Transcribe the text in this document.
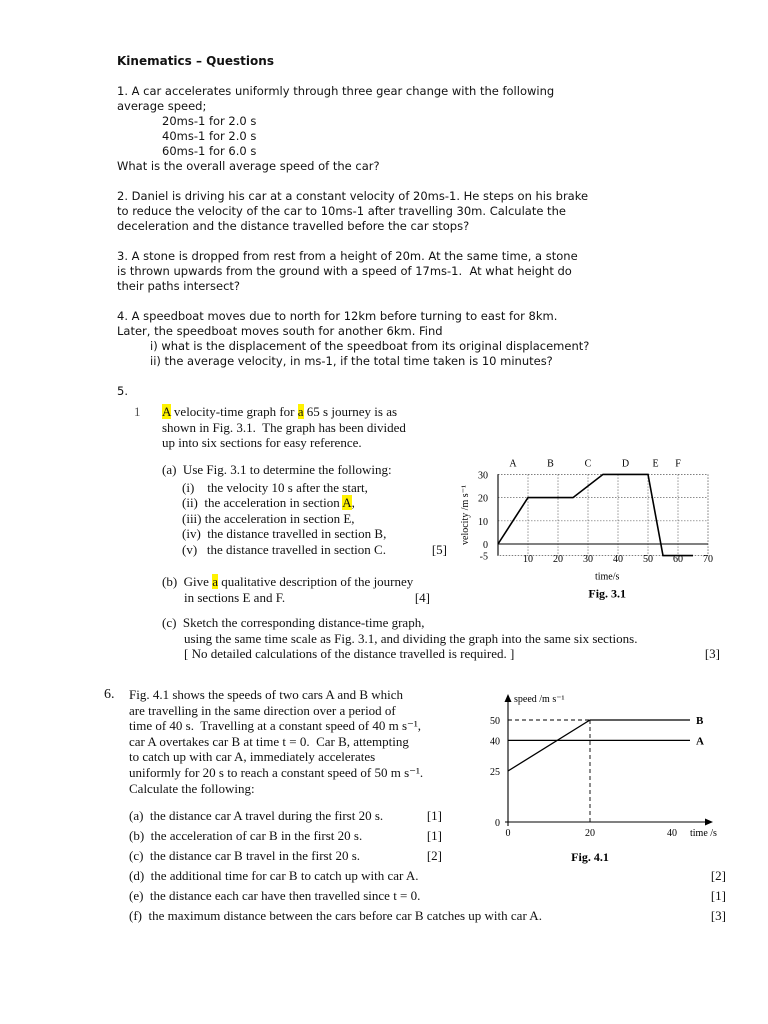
Kinematics – Questions
1. A car accelerates uniformly through three gear change with the following
average speed;
20ms-1 for 2.0 s
40ms-1 for 2.0 s
60ms-1 for 6.0 s
What is the overall average speed of the car?
2. Daniel is driving his car at a constant velocity of 20ms-1. He steps on his brake
to reduce the velocity of the car to 10ms-1 after travelling 30m. Calculate the
deceleration and the distance travelled before the car stops?
3. A stone is dropped from rest from a height of 20m. At the same time, a stone
is thrown upwards from the ground with a speed of 17ms-1.  At what height do
their paths intersect?
4. A speedboat moves due to north for 12km before turning to east for 8km.
Later, the speedboat moves south for another 6km. Find
i) what is the displacement of the speedboat from its original displacement?
ii) the average velocity, in ms-1, if the total time taken is 10 minutes?
5.
1 A velocity-time graph for a 65 s journey is as
shown in Fig. 3.1.  The graph has been divided
up into six sections for easy reference.
(a)  Use Fig. 3.1 to determine the following:
(i)    the velocity 10 s after the start,
(ii)  the acceleration in section A,
(iii) the acceleration in section E,
(iv)  the distance travelled in section B,
(v)   the distance travelled in section C.	[5]
(b)  Give a qualitative description of the journey
in sections E and F.	[4]
(c)  Sketch the corresponding distance-time graph,
using the same time scale as Fig. 3.1, and dividing the graph into the same six sections.
[ No detailed calculations of the distance travelled is required. ]	[3]
10 20 30 40 50 60 70
-5
0
10
20
30
A	B	C	D E F
velocity /m s⁻¹
time/s
Fig. 3.1
6. Fig. 4.1 shows the speeds of two cars A and B which
are travelling in the same direction over a period of
time of 40 s.  Travelling at a constant speed of 40 m s⁻¹,
car A overtakes car B at time t = 0.  Car B, attempting
to catch up with car A, immediately accelerates
uniformly for 20 s to reach a constant speed of 50 m s⁻¹.
Calculate the following:
(a)  the distance car A travel during the first 20 s.	[1]
(b)  the acceleration of car B in the first 20 s.	[1]
(c)  the distance car B travel in the first 20 s.	[2]
(d)  the additional time for car B to catch up with car A.	[2]
(e)  the distance each car have then travelled since t = 0.	[1]
(f)  the maximum distance between the cars before car B catches up with car A.	[3]
A
B
0	20	40
0
25
40
50
speed /m s⁻¹
time /s
Fig. 4.1
